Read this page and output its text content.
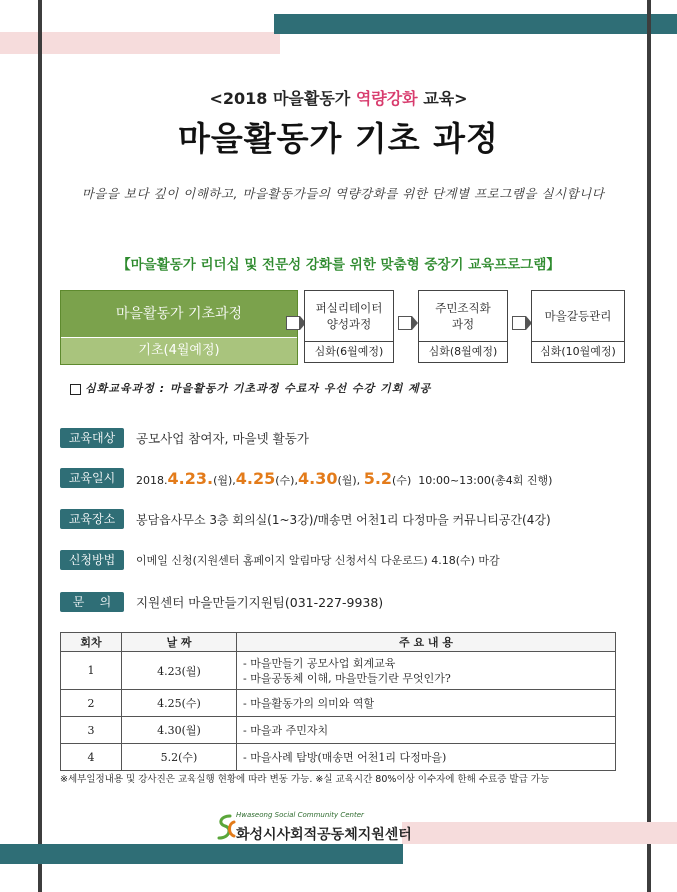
<2018 마을활동가 역량강화 교육>
마을활동가 기초 과정
마을을 보다 깊이 이해하고, 마을활동가들의 역량강화를 위한 단계별 프로그램을 실시합니다
【마을활동가 리더십 및 전문성 강화를 위한 맞춤형 중장기 교육프로그램】
마을활동가 기초과정
기초(4월예정)
퍼실리테이터
양성과정
심화(6월예정)
주민조직화
과정
심화(8월예정)
마을갈등관리
심화(10월예정)
심화교육과정 : 마을활동가 기초과정 수료자 우선 수강 기회 제공
교육대상	공모사업 참여자, 마을넷 활동가
교육일시	2018.4.23.(월),4.25(수),4.30(월), 5.2(수) 10:00~13:00(총4회 진행)
교육장소	봉담읍사무소 3층 회의실(1~3강)/매송면 어천1리 다정마을 커뮤니티공간(4강)
신청방법	이메일 신청(지원센터 홈페이지 알림마당 신청서식 다운로드) 4.18(수) 마감
문    의	지원센터 마을만들기지원팀(031-227-9938)
회차	날 짜	주 요 내 용
1	4.23(월)	- 마을만들기 공모사업 회계교육
- 마을공동체 이해, 마을만들기란 무엇인가?

2	4.25(수)	- 마을활동가의 의미와 역할
3	4.30(월)	- 마을과 주민자치
4	5.2(수)	- 마을사례 탐방(매송면 어천1리 다정마을)
※세부일정내용 및 강사진은 교육실행 현황에 따라 변동 가능. ※실 교육시간 80%이상 이수자에 한해 수료증 발급 가능
Hwaseong Social Community Center
화성시사회적공동체지원센터
